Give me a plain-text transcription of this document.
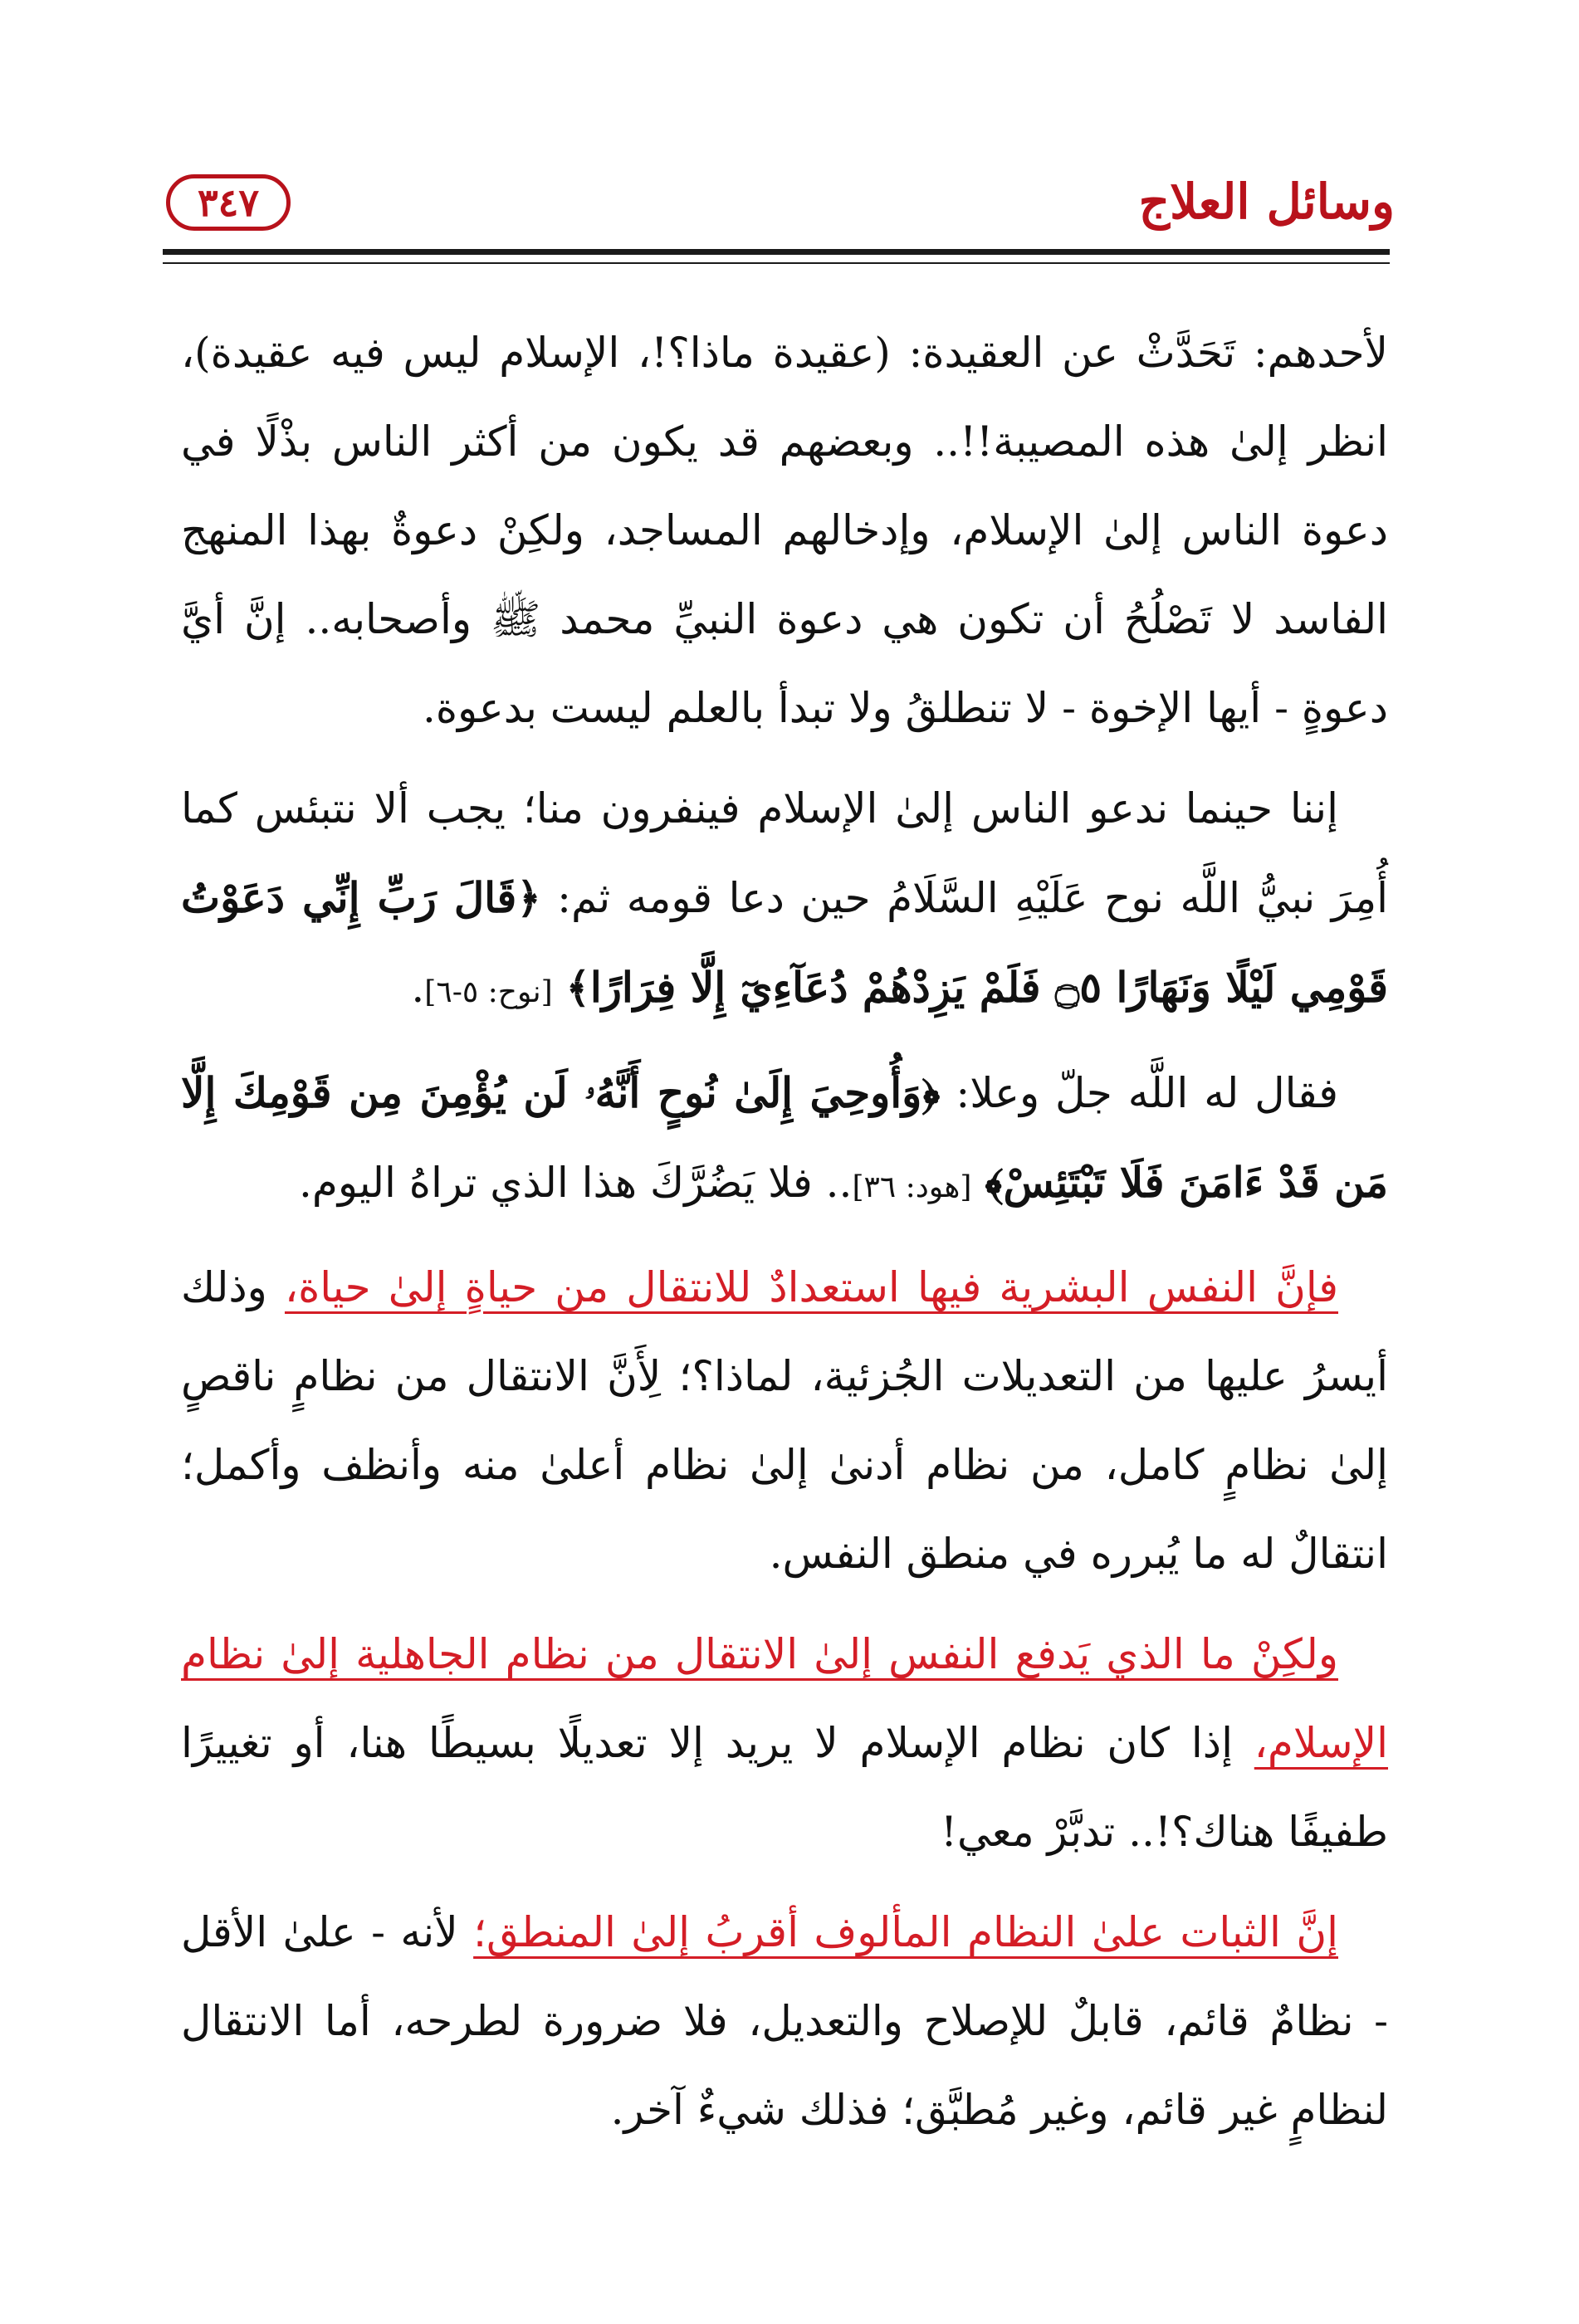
وسائل العلاج
٣٤٧

لأحدهم: تَحَدَّثْ عن العقيدة: (عقيدة ماذا؟!، الإسلام ليس فيه عقيدة)، انظر إلىٰ هذه المصيبة!!.. وبعضهم قد يكون من أكثر الناس بذْلًا في دعوة الناس إلىٰ الإسلام، وإدخالهم المساجد، ولكِنْ دعوةٌ بهذا المنهج الفاسد لا تَصْلُحُ أن تكون هي دعوة النبيِّ محمد ﷺ وأصحابه.. إنَّ أيَّ دعوةٍ - أيها الإخوة - لا تنطلقُ ولا تبدأ بالعلم ليست بدعوة.

إننا حينما ندعو الناس إلىٰ الإسلام فينفرون منا؛ يجب ألا نتبئس كما أُمِرَ نبيُّ اللَّه نوح عَلَيْهِ السَّلَامُ حين دعا قومه ثم: ﴿قَالَ رَبِّ إِنِّي دَعَوْتُ قَوْمِي لَيْلًا وَنَهَارًا ۝٥ فَلَمْ يَزِدْهُمْ دُعَآءِيٓ إِلَّا فِرَارًا﴾ [نوح: ٥-٦].

فقال له اللَّه جلّ وعلا: ﴿وَأُوحِيَ إِلَىٰ نُوحٍ أَنَّهُۥ لَن يُؤْمِنَ مِن قَوْمِكَ إِلَّا مَن قَدْ ءَامَنَ فَلَا تَبْتَئِسْ﴾ [هود: ٣٦].. فلا يَضُرَّكَ هذا الذي تراهُ اليوم.

فإنَّ النفس البشرية فيها استعدادٌ للانتقال من حياةٍ إلىٰ حياة، وذلك أيسرُ عليها من التعديلات الجُزئية، لماذا؟؛ لِأَنَّ الانتقال من نظامٍ ناقصٍ إلىٰ نظامٍ كامل، من نظام أدنىٰ إلىٰ نظام أعلىٰ منه وأنظف وأكمل؛ انتقالٌ له ما يُبرره في منطق النفس.

ولكِنْ ما الذي يَدفع النفس إلىٰ الانتقال من نظام الجاهلية إلىٰ نظام الإسلام، إذا كان نظام الإسلام لا يريد إلا تعديلًا بسيطًا هنا، أو تغييرًا طفيفًا هناك؟!.. تدبَّرْ معي!

إنَّ الثبات علىٰ النظام المألوف أقربُ إلىٰ المنطق؛ لأنه - علىٰ الأقل - نظامٌ قائم، قابلٌ للإصلاح والتعديل، فلا ضرورة لطرحه، أما الانتقال لنظامٍ غير قائم، وغير مُطبَّق؛ فذلك شيءٌ آخر.
